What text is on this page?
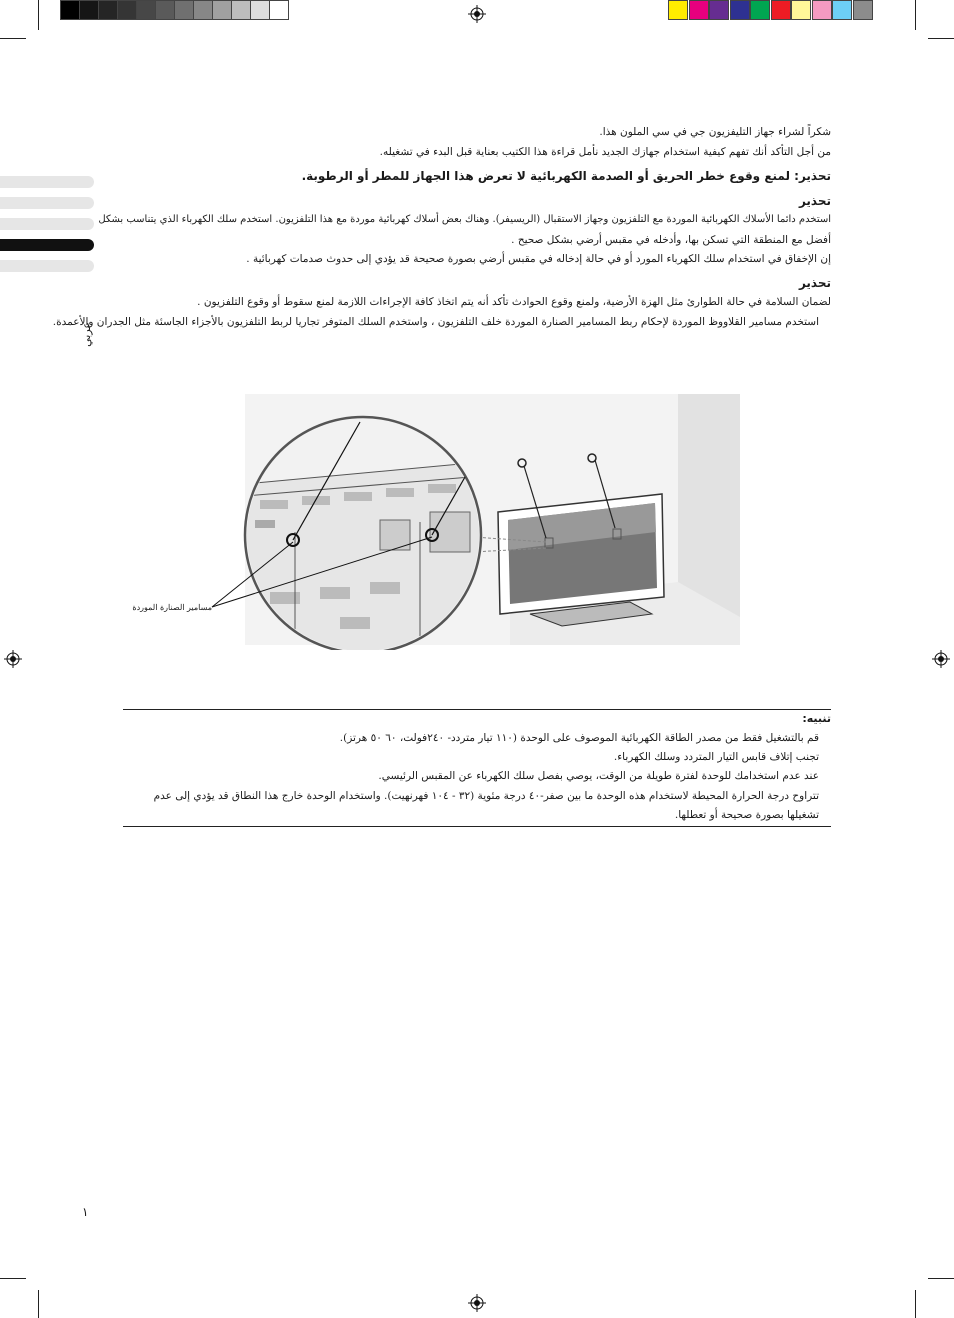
عربي
شكراً لشراء جهاز التليفزيون جي في سي الملون هذا.
من أجل التأكد أنك تفهم كيفية استخدام جهازك الجديد نأمل قراءة هذا الكتيب بعناية قبل البدء في تشغيله.
تحذير: لمنع وقوع خطر الحريق أو الصدمة الكهربائية لا تعرض هذا الجهاز للمطر أو الرطوبة.
تحذير
استخدم دائما الأسلاك الكهربائية الموردة مع التلفزيون وجهاز الاستقبال (الريسيفر). وهناك بعض أسلاك كهربائية موردة مع هذا التلفزيون. استخدم سلك الكهرباء الذي يتناسب بشكل
أفضل مع المنطقة التي تسكن بها، وأدخله في مقبس أرضي بشكل صحيح .
إن الإخفاق في استخدام سلك الكهرباء المورد أو في حالة إدخاله في مقبس أرضي بصورة صحيحة قد يؤدي إلى حدوث صدمات كهربائية .
تحذير
لضمان السلامة في حالة الطوارئ مثل الهزة الأرضية، ولمنع وقوع الحوادث تأكد أنه يتم اتخاذ كافة الإجراءات اللازمة لمنع سقوط أو وقوع التلفزيون .
استخدم مسامير القلاووظ الموردة لإحكام ربط المسامير الصنارة الموردة خلف التلفزيون ، واستخدم السلك المتوفر تجاريا لربط التلفزيون بالأجزاء الجاسئة مثل الجدران والأعمدة.
مسامير الصنارة الموردة
تنبيه:
قم بالتشغيل فقط من مصدر الطاقة الكهربائية الموصوف على الوحدة (١١٠ تيار متردد- ٢٤٠فولت، ٦٠ ٥٠ هرتز).
تجنب إتلاف قابس التيار المتردد وسلك الكهرباء.
عند عدم استخدامك للوحدة لفترة طويلة من الوقت، يوصي بفصل سلك الكهرباء عن المقبس الرئيسي.
تتراوح درجة الحرارة المحيطة لاستخدام هذه الوحدة ما بين صفر-٤٠ درجة مئوية (٣٢ - ١٠٤ فهرنهيت). واستخدام الوحدة خارج هذا النطاق قد يؤدي إلى عدم تشغيلها بصورة صحيحة أو تعطلها.
١
